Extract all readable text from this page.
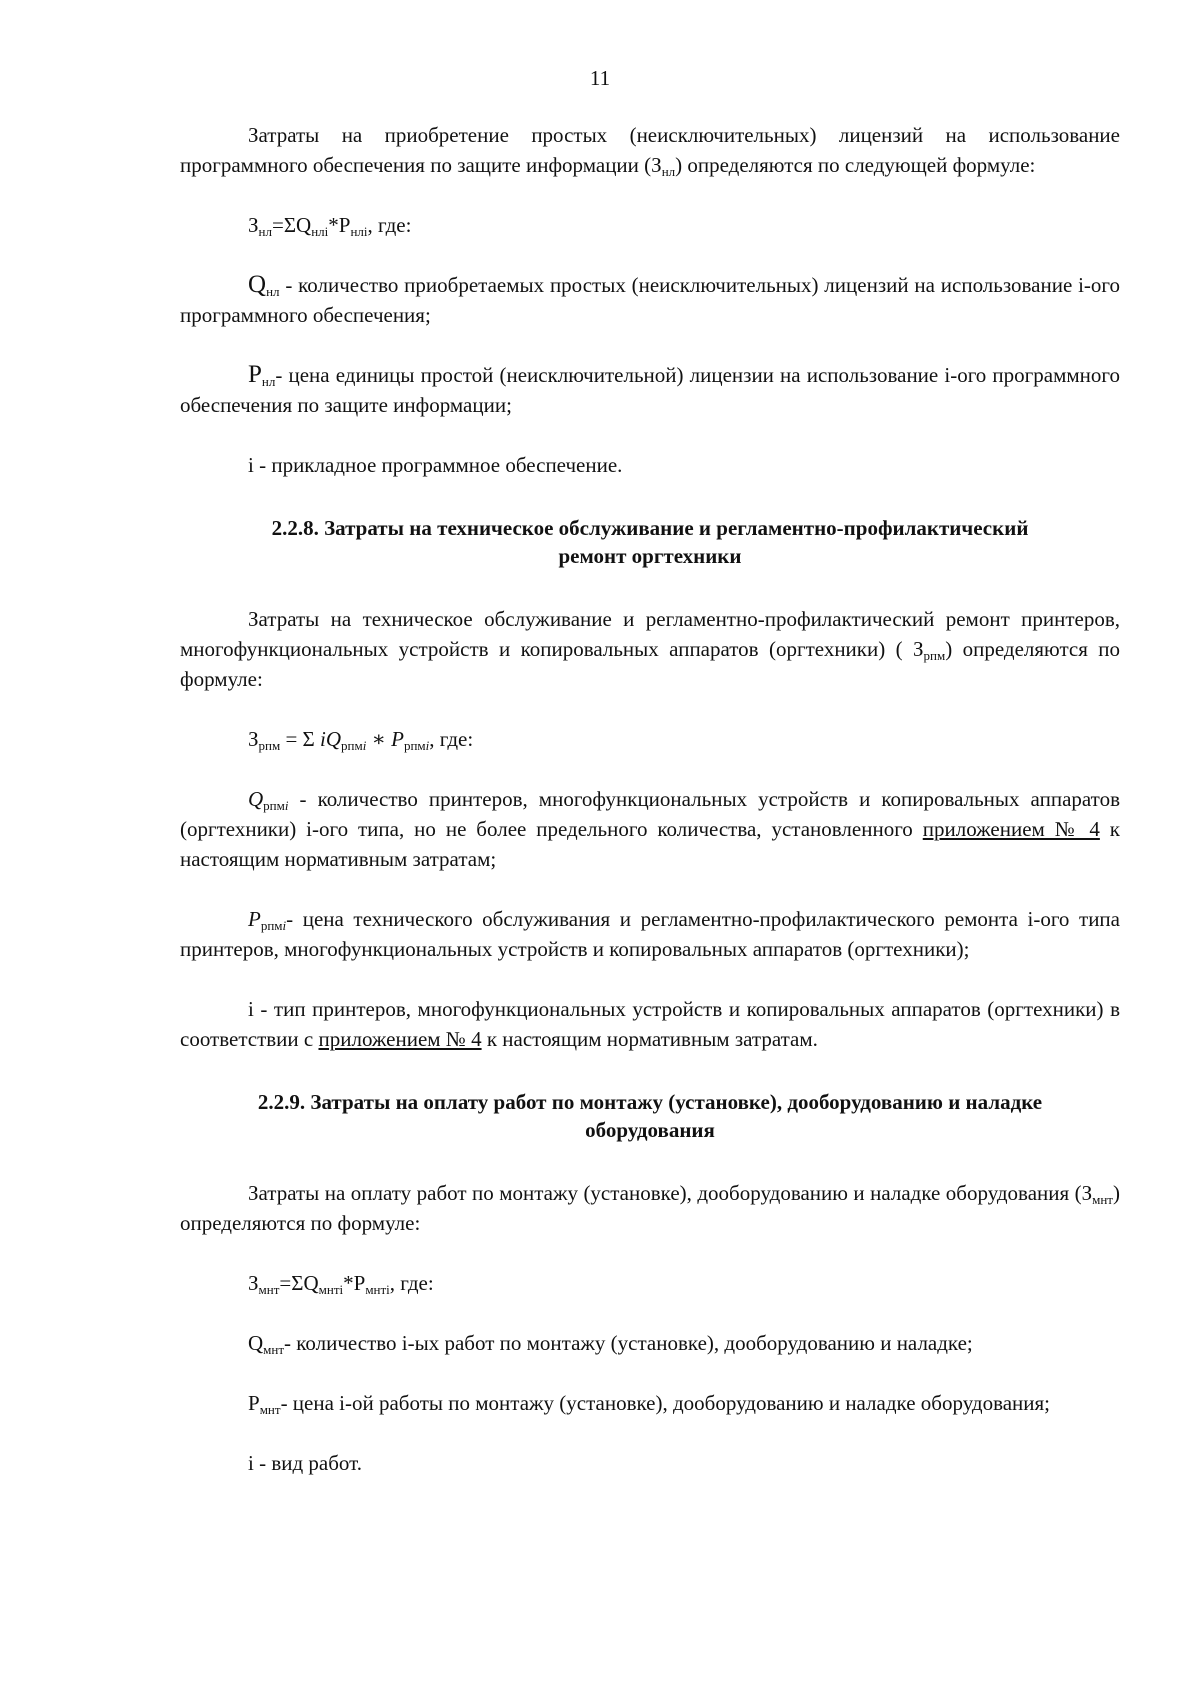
11

Затраты на приобретение простых (неисключительных) лицензий на использование программного обеспечения по защите информации $(З_{нл})$ определяются по следующей формуле:

$З_{нл}=\Sigma Q_{нлi}*P_{нлi}$, где:

$Q_{нл}$ - количество приобретаемых простых (неисключительных) лицензий на использование i-ого программного обеспечения;

$P_{нл}-$ цена единицы простой (неисключительной) лицензии на использование i-ого программного обеспечения по защите информации;

i - прикладное программное обеспечение.

2.2.8. Затраты на техническое обслуживание и регламентно-профилактический
ремонт оргтехники

Затраты на техническое обслуживание и регламентно-профилактический ремонт принтеров, многофункциональных устройств и копировальных аппаратов (оргтехники) ( $З_{рпм}$) определяются по формуле:

$З_{рпм} = \Sigma$ $iQ_{рпмi}$ ∗ $P_{рпмi}$, где:

$Q_{рпмi}$ - количество принтеров, многофункциональных устройств и копировальных аппаратов (оргтехники) i-ого типа, но не более предельного количества, установленного приложением № 4 к настоящим нормативным затратам;

$P_{рпмi}-$ цена технического обслуживания и регламентно-профилактического ремонта i-ого типа принтеров, многофункциональных устройств и копировальных аппаратов (оргтехники);

i - тип принтеров, многофункциональных устройств и копировальных аппаратов (оргтехники) в соответствии с приложением № 4 к настоящим нормативным затратам.

2.2.9. Затраты на оплату работ по монтажу (установке), дооборудованию и наладке
оборудования

Затраты на оплату работ по монтажу (установке), дооборудованию и наладке оборудования $(З_{мнт})$ определяются по формуле:

$З_{мнт}=\Sigma Q_{мнтi}*P_{мнтi}$, где:

$Q_{мнт}-$ количество i-ых работ по монтажу (установке), дооборудованию и наладке;

$P_{мнт}-$ цена i-ой работы по монтажу (установке), дооборудованию и наладке оборудования;

i - вид работ.
